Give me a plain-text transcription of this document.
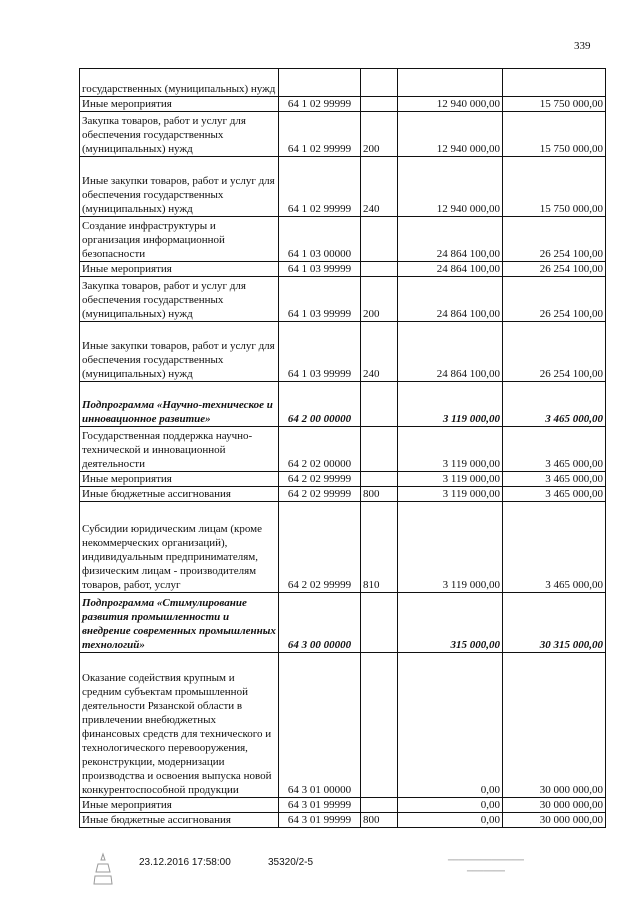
339
государственных (муниципальных) нужд				
Иные мероприятия	64 1 02 99999		12 940 000,00	15 750 000,00
Закупка товаров, работ и услуг для обеспечения государственных (муниципальных) нужд	64 1 02 99999	200	12 940 000,00	15 750 000,00
Иные закупки товаров, работ и услуг для обеспечения государственных (муниципальных) нужд	64 1 02 99999	240	12 940 000,00	15 750 000,00
Создание инфраструктуры и организация информационной безопасности	64 1 03 00000		24 864 100,00	26 254 100,00
Иные мероприятия	64 1 03 99999		24 864 100,00	26 254 100,00
Закупка товаров, работ и услуг для обеспечения государственных (муниципальных) нужд	64 1 03 99999	200	24 864 100,00	26 254 100,00
Иные закупки товаров, работ и услуг для обеспечения государственных (муниципальных) нужд	64 1 03 99999	240	24 864 100,00	26 254 100,00
Подпрограмма «Научно-техническое и инновационное развитие»	64 2 00 00000		3 119 000,00	3 465 000,00
Государственная поддержка научно-технической и инновационной деятельности	64 2 02 00000		3 119 000,00	3 465 000,00
Иные мероприятия	64 2 02 99999		3 119 000,00	3 465 000,00
Иные бюджетные ассигнования	64 2 02 99999	800	3 119 000,00	3 465 000,00
Субсидии юридическим лицам (кроме некоммерческих организаций), индивидуальным предпринимателям, физическим лицам - производителям товаров, работ, услуг	64 2 02 99999	810	3 119 000,00	3 465 000,00
Подпрограмма «Стимулирование развития промышленности и внедрение современных промышленных технологий»	64 3 00 00000		315 000,00	30 315 000,00
Оказание содействия крупным и средним субъектам промышленной деятельности Рязанской области в привлечении внебюджетных финансовых средств для технического и технологического перевооружения, реконструкции, модернизации производства и освоения выпуска новой конкурентоспособной продукции	64 3 01 00000		0,00	30 000 000,00
Иные мероприятия	64 3 01 99999		0,00	30 000 000,00
Иные бюджетные ассигнования	64 3 01 99999	800	0,00	30 000 000,00
23.12.2016 17:58:00	35320/2-5	━━━━━━━━━━━━━━
━━━━━━━
